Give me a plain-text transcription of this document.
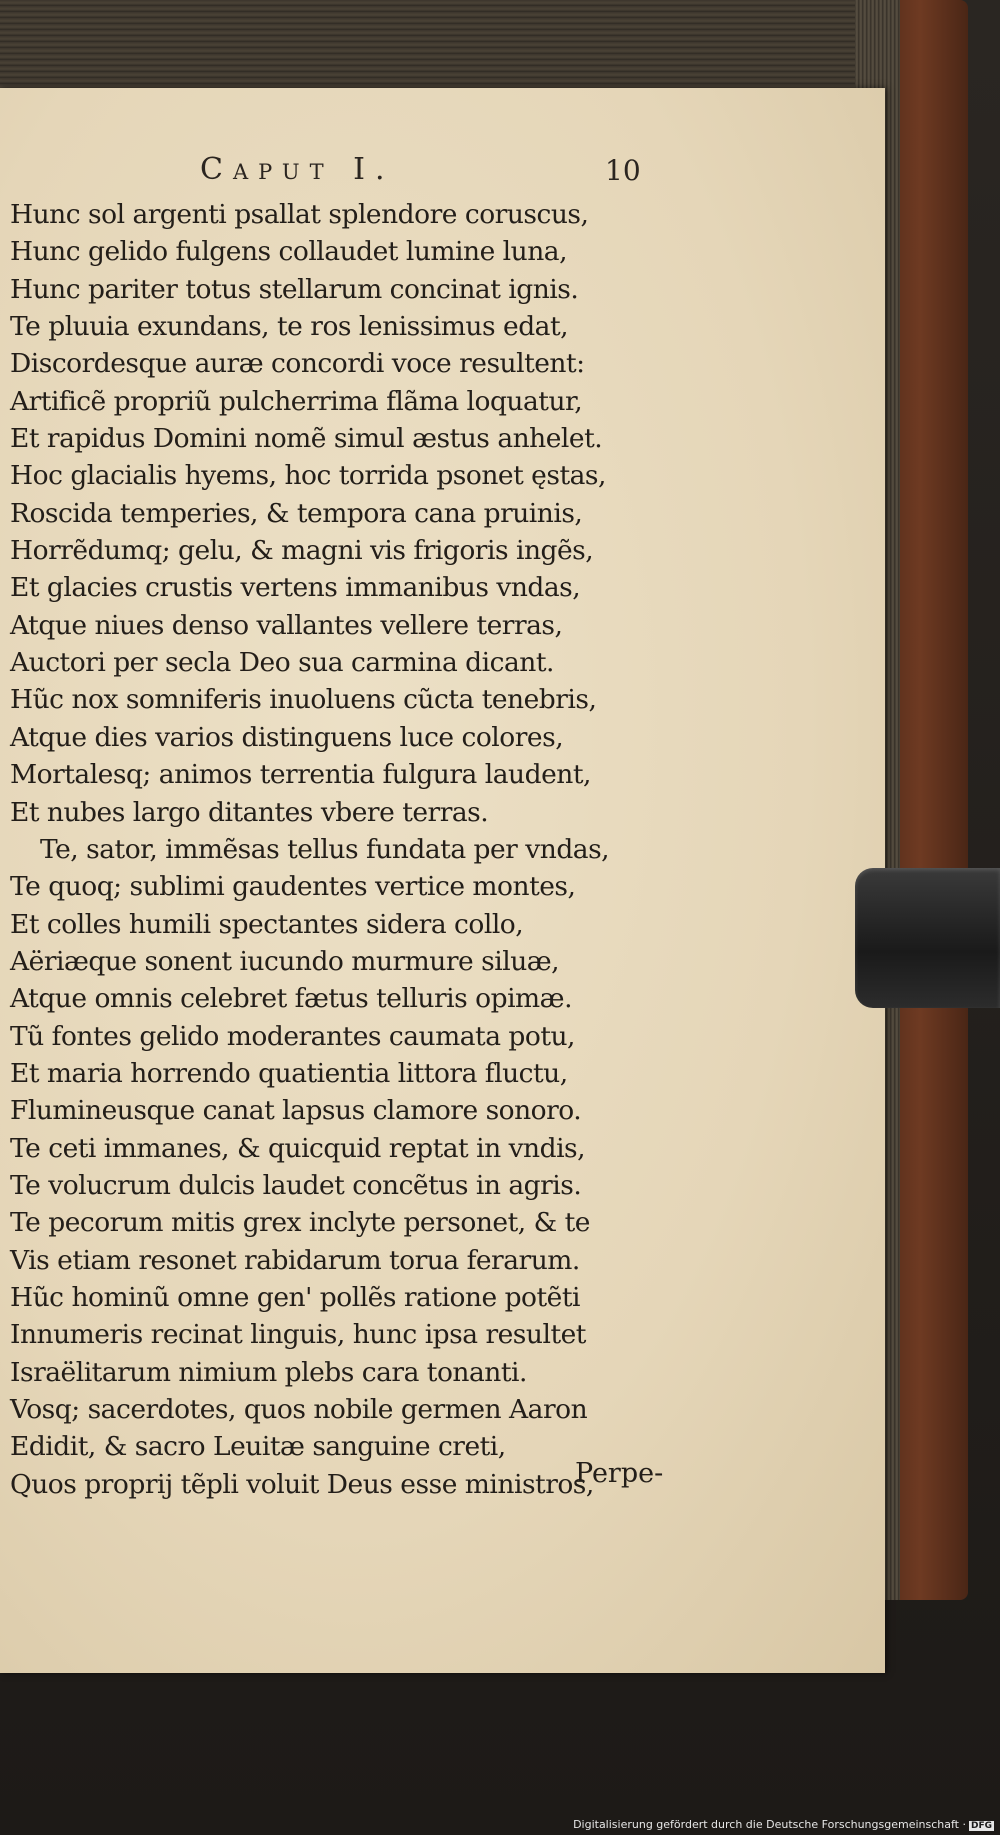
Caput I.	10
Hunc sol argenti psallat splendore coruscus,
Hunc gelido fulgens collaudet lumine luna,
Hunc pariter totus stellarum concinat ignis.
Te pluuia exundans, te ros lenissimus edat,
Discordesque auræ concordi voce resultent:
Artificẽ propriũ pulcherrima flãma loquatur,
Et rapidus Domini nomẽ simul æstus anhelet.
Hoc glacialis hyems, hoc torrida psonet ęstas,
Roscida temperies, & tempora cana pruinis,
Horrẽdumq; gelu, & magni vis frigoris ingẽs,
Et glacies crustis vertens immanibus vndas,
Atque niues denso vallantes vellere terras,
Auctori per secla Deo sua carmina dicant.
Hũc nox somniferis inuoluens cũcta tenebris,
Atque dies varios distinguens luce colores,
Mortalesq; animos terrentia fulgura laudent,
Et nubes largo ditantes vbere terras.
Te, sator, immẽsas tellus fundata per vndas,
Te quoq; sublimi gaudentes vertice montes,
Et colles humili spectantes sidera collo,
Aëriæque sonent iucundo murmure siluæ,
Atque omnis celebret fætus telluris opimæ.
Tũ fontes gelido moderantes caumata potu,
Et maria horrendo quatientia littora fluctu,
Flumineusque canat lapsus clamore sonoro.
Te ceti immanes, & quicquid reptat in vndis,
Te volucrum dulcis laudet concẽtus in agris.
Te pecorum mitis grex inclyte personet, & te
Vis etiam resonet rabidarum torua ferarum.
Hũc hominũ omne gen' pollẽs ratione potẽti
Innumeris recinat linguis, hunc ipsa resultet
Israëlitarum nimium plebs cara tonanti.
Vosq; sacerdotes, quos nobile germen Aaron
Edidit, & sacro Leuitæ sanguine creti,
Quos proprij tẽpli voluit Deus esse ministros,
Perpe-
Digitalisierung gefördert durch die Deutsche Forschungsgemeinschaft · DFG
